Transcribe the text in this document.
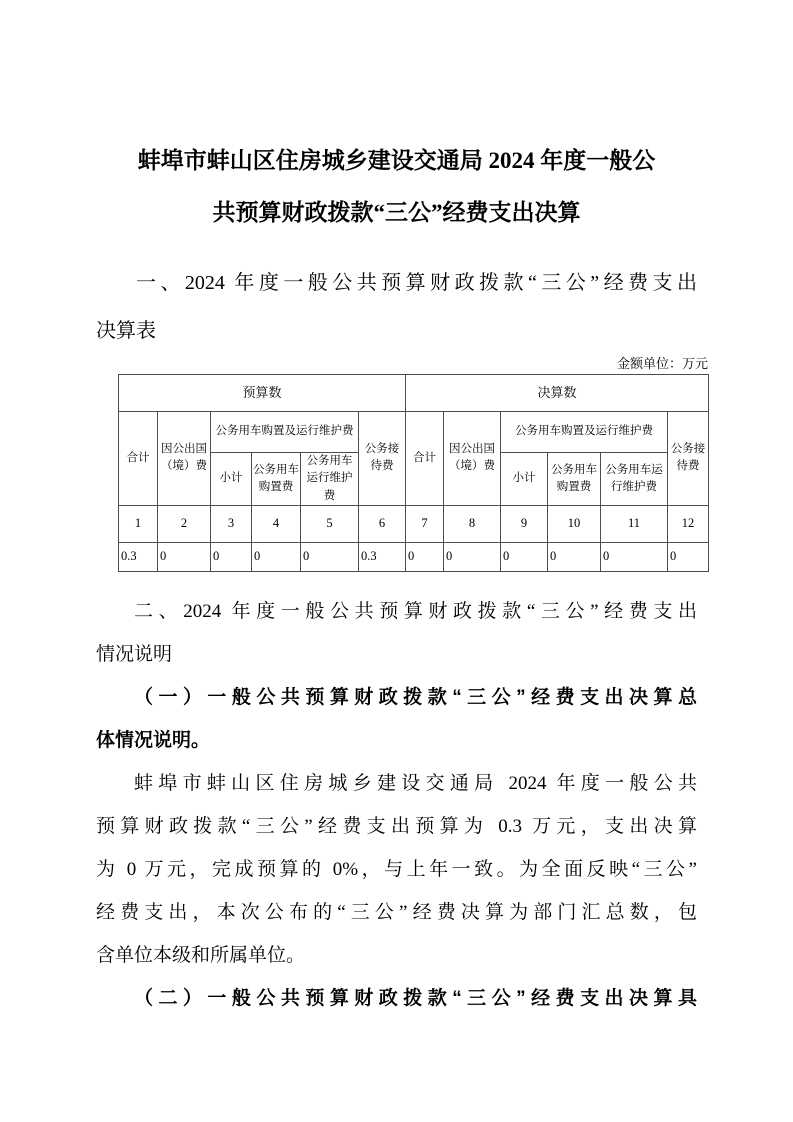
蚌埠市蚌山区住房城乡建设交通局 2024 年度一般公
共预算财政拨款“三公”经费支出决算
一、2024 年度一般公共预算财政拨款“三公”经费支出
决算表
金额单位：万元
预算数						决算数					
合计	因公出国（境）费	公务用车购置及运行维护费			公务接待费	合计	因公出国（境）费	公务用车购置及运行维护费			公务接待费
		小计	公务用车购置费	公务用车运行维护费				小计	公务用车购置费	公务用车运行维护费	
1	2	3	4	5	6	7	8	9	10	11	12
0.3	0	0	0	0	0.3	0	0	0	0	0	0
二、2024 年度一般公共预算财政拨款“三公”经费支出
情况说明
（一）一般公共预算财政拨款“三公”经费支出决算总
体情况说明。
蚌埠市蚌山区住房城乡建设交通局 2024 年度一般公共
预算财政拨款“三公”经费支出预算为 0.3 万元，支出决算
为 0 万元，完成预算的 0%，与上年一致。为全面反映“三公”
经费支出，本次公布的“三公”经费决算为部门汇总数，包
含单位本级和所属单位。
（二）一般公共预算财政拨款“三公”经费支出决算具
